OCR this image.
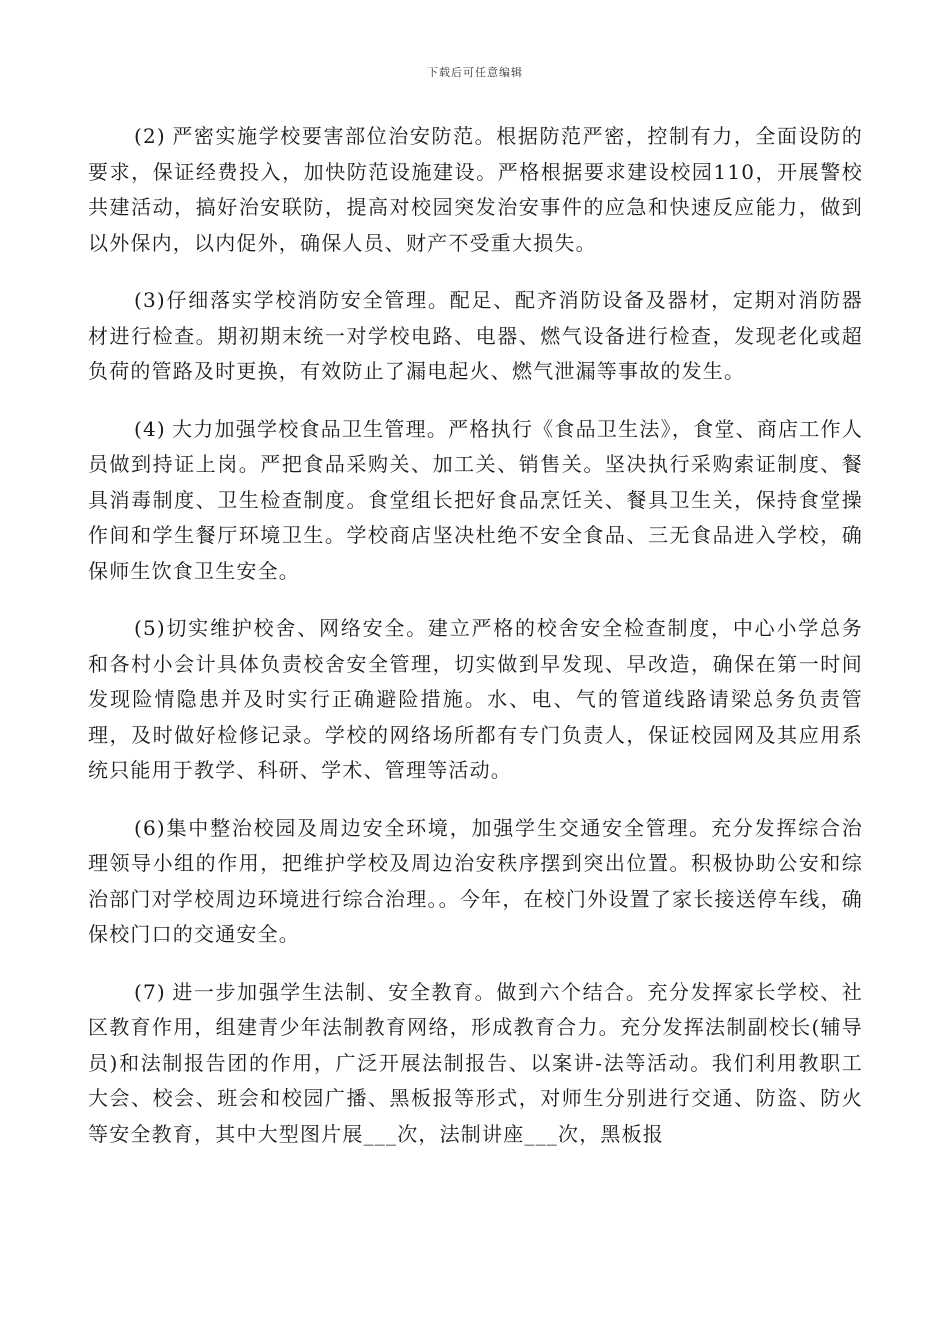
下载后可任意编辑

(2) 严密实施学校要害部位治安防范。根据防范严密，控制有力，全面设防的要求，保证经费投入，加快防范设施建设。严格根据要求建设校园110，开展警校共建活动，搞好治安联防，提高对校园突发治安事件的应急和快速反应能力，做到以外保内，以内促外，确保人员、财产不受重大损失。

(3)仔细落实学校消防安全管理。配足、配齐消防设备及器材，定期对消防器材进行检查。期初期末统一对学校电路、电器、燃气设备进行检查，发现老化或超负荷的管路及时更换，有效防止了漏电起火、燃气泄漏等事故的发生。

(4) 大力加强学校食品卫生管理。严格执行《食品卫生法》，食堂、商店工作人员做到持证上岗。严把食品采购关、加工关、销售关。坚决执行采购索证制度、餐具消毒制度、卫生检查制度。食堂组长把好食品烹饪关、餐具卫生关，保持食堂操作间和学生餐厅环境卫生。学校商店坚决杜绝不安全食品、三无食品进入学校，确保师生饮食卫生安全。

(5)切实维护校舍、网络安全。建立严格的校舍安全检查制度，中心小学总务和各村小会计具体负责校舍安全管理，切实做到早发现、早改造，确保在第一时间发现险情隐患并及时实行正确避险措施。水、电、气的管道线路请梁总务负责管理，及时做好检修记录。学校的网络场所都有专门负责人，保证校园网及其应用系统只能用于教学、科研、学术、管理等活动。

(6)集中整治校园及周边安全环境，加强学生交通安全管理。充分发挥综合治理领导小组的作用，把维护学校及周边治安秩序摆到突出位置。积极协助公安和综治部门对学校周边环境进行综合治理。。今年，在校门外设置了家长接送停车线，确保校门口的交通安全。

(7) 进一步加强学生法制、安全教育。做到六个结合。充分发挥家长学校、社区教育作用，组建青少年法制教育网络，形成教育合力。充分发挥法制副校长(辅导员)和法制报告团的作用，广泛开展法制报告、以案讲-法等活动。我们利用教职工大会、校会、班会和校园广播、黑板报等形式，对师生分别进行交通、防盗、防火等安全教育，其中大型图片展___次，法制讲座___次，黑板报
